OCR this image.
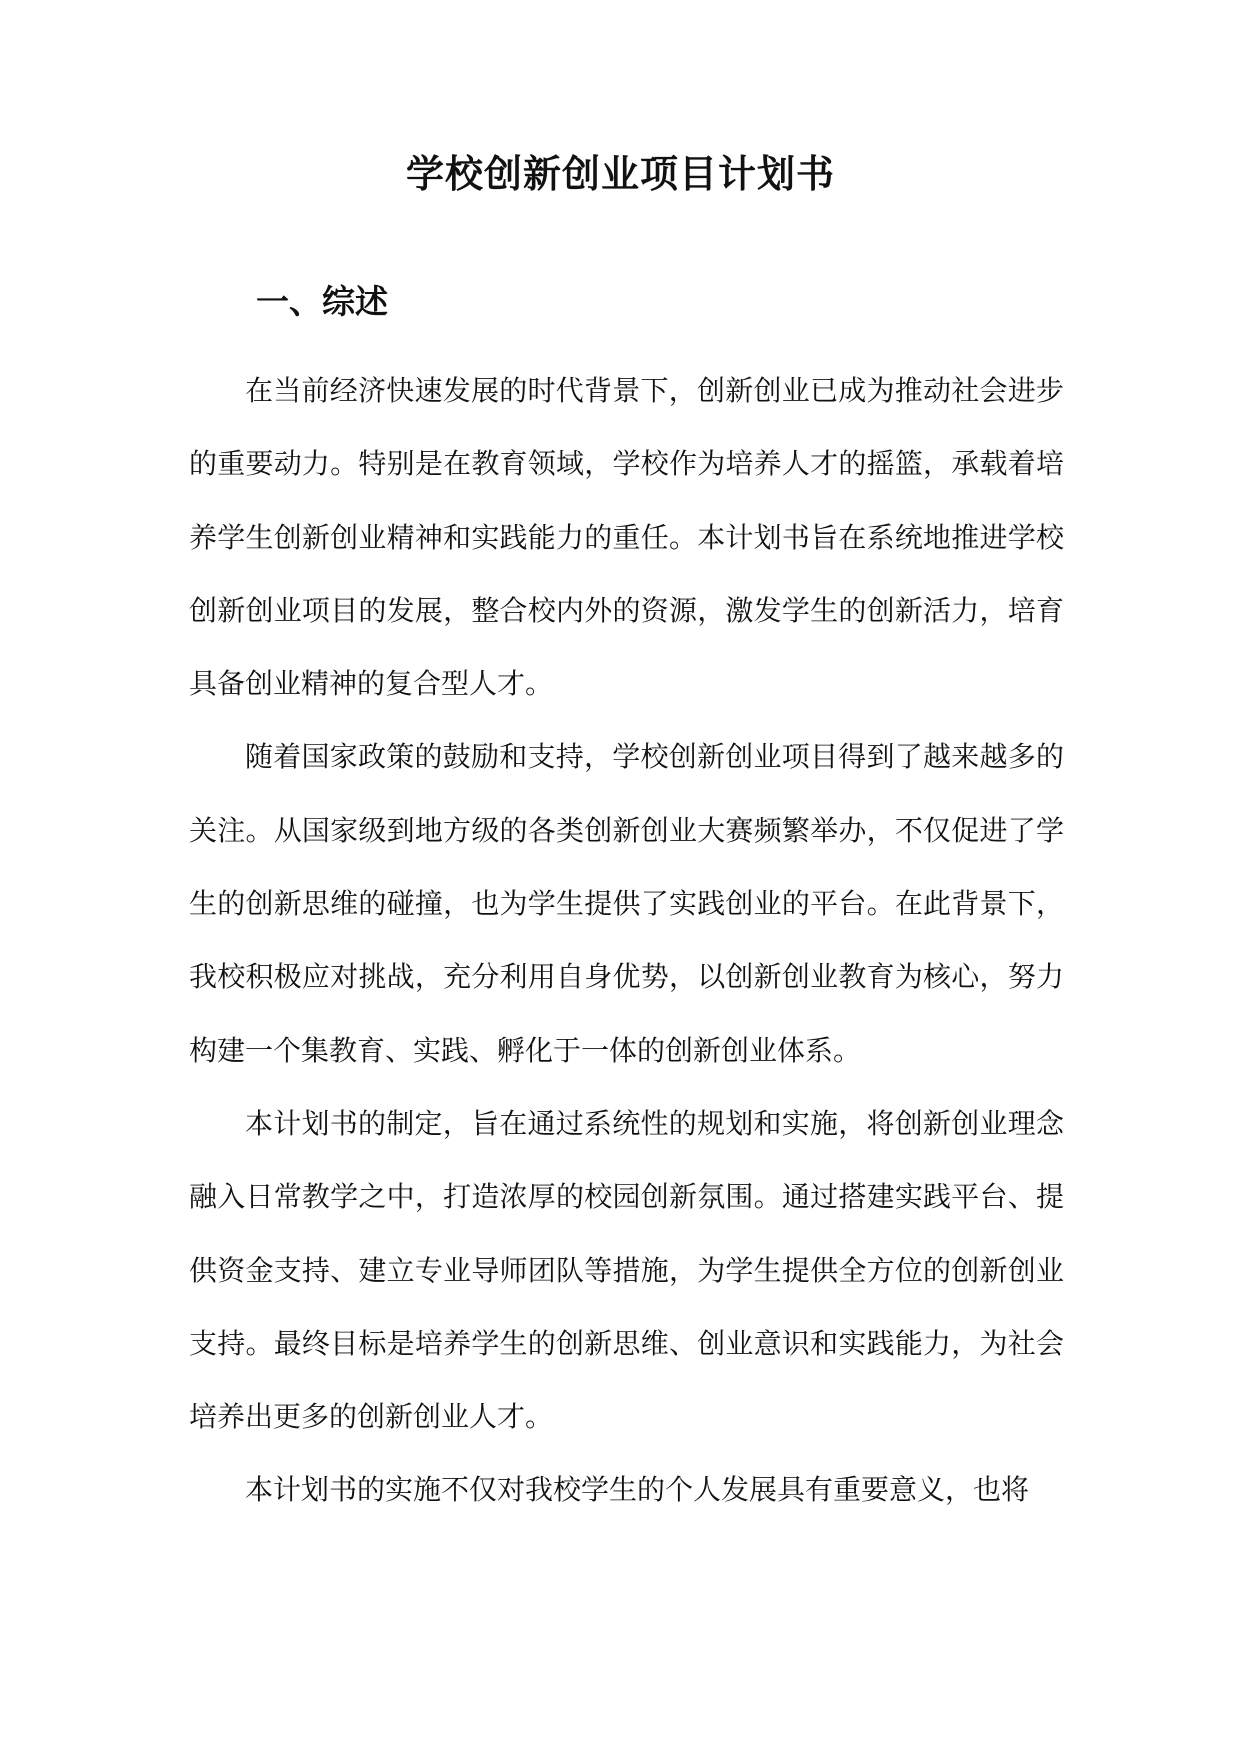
学校创新创业项目计划书
一、综述

在当前经济快速发展的时代背景下，创新创业已成为推动社会进步的重要动力。特别是在教育领域，学校作为培养人才的摇篮，承载着培养学生创新创业精神和实践能力的重任。本计划书旨在系统地推进学校创新创业项目的发展，整合校内外的资源，激发学生的创新活力，培育具备创业精神的复合型人才。

随着国家政策的鼓励和支持，学校创新创业项目得到了越来越多的关注。从国家级到地方级的各类创新创业大赛频繁举办，不仅促进了学生的创新思维的碰撞，也为学生提供了实践创业的平台。在此背景下，我校积极应对挑战，充分利用自身优势，以创新创业教育为核心，努力构建一个集教育、实践、孵化于一体的创新创业体系。

本计划书的制定，旨在通过系统性的规划和实施，将创新创业理念融入日常教学之中，打造浓厚的校园创新氛围。通过搭建实践平台、提供资金支持、建立专业导师团队等措施，为学生提供全方位的创新创业支持。最终目标是培养学生的创新思维、创业意识和实践能力，为社会培养出更多的创新创业人才。

本计划书的实施不仅对我校学生的个人发展具有重要意义，也将
